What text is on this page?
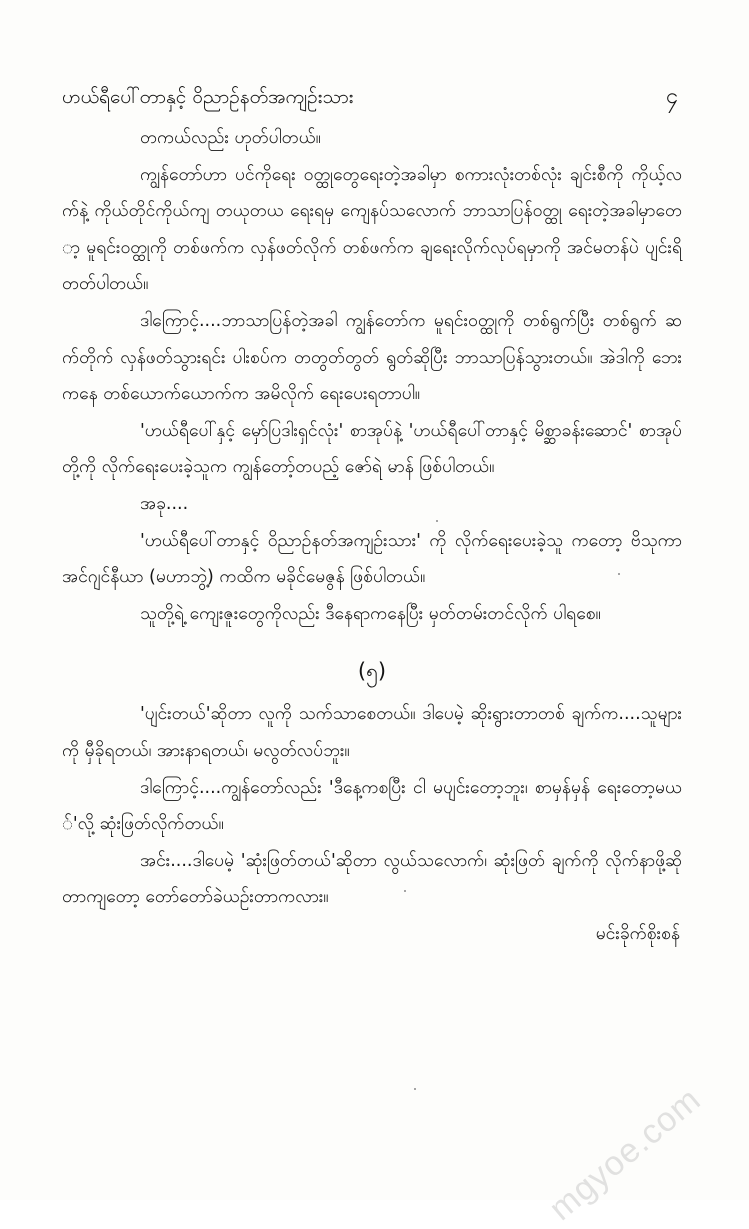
ဟယ်ရီပေါ်တာနှင့် ဝိညာဉ်နတ်အကျဉ်းသား	၄

တကယ်လည်း ဟုတ်ပါတယ်။

ကျွန်တော်ဟာ ပင်ကိုရေး ဝတ္ထုတွေရေးတဲ့အခါမှာ စကားလုံးတစ်လုံး ချင်းစီကို ကိုယ့်လက်နဲ့ ကိုယ်တိုင်ကိုယ်ကျ တယုတယ ရေးရမှ ကျေနပ်သလောက် ဘာသာပြန်ဝတ္ထု ရေးတဲ့အခါမှာတော့ မူရင်းဝတ္ထုကို တစ်ဖက်က လှန်ဖတ်လိုက် တစ်ဖက်က ချရေးလိုက်လုပ်ရမှာကို အင်မတန်ပဲ ပျင်းရိတတ်ပါတယ်။

ဒါကြောင့်....ဘာသာပြန်တဲ့အခါ ကျွန်တော်က မူရင်းဝတ္ထုကို တစ်ရွက်ပြီး တစ်ရွက် ဆက်တိုက် လှန်ဖတ်သွားရင်း ပါးစပ်က တတွတ်တွတ် ရွတ်ဆိုပြီး ဘာသာပြန်သွားတယ်။ အဲဒါကို ဘေးကနေ တစ်ယောက်ယောက်က အမိလိုက် ရေးပေးရတာပါ။

'ဟယ်ရီပေါ်နှင့် မှော်ပြဒါးရှင်လုံး' စာအုပ်နဲ့ 'ဟယ်ရီပေါ်တာနှင့် မိစ္ဆာခန်းဆောင်' စာအုပ်တို့ကို လိုက်ရေးပေးခဲ့သူက ကျွန်တော့်တပည့် ဇော်ရဲ မာန် ဖြစ်ပါတယ်။

အခု....

'ဟယ်ရီပေါ်တာနှင့် ဝိညာဉ်နတ်အကျဉ်းသား' ကို လိုက်ရေးပေးခဲ့သူ ကတော့ ဗိသုကာ အင်ဂျင်နီယာ (မဟာဘွဲ့) ကထိက မခိုင်မေဇွန် ဖြစ်ပါတယ်။

သူတို့ရဲ့ ကျေးဇူးတွေကိုလည်း ဒီနေရာကနေပြီး မှတ်တမ်းတင်လိုက် ပါရစေ။

(၅)

'ပျင်းတယ်'ဆိုတာ လူကို သက်သာစေတယ်။ ဒါပေမဲ့ ဆိုးရွားတာတစ် ချက်က....သူများကို မှီခိုရတယ်၊ အားနာရတယ်၊ မလွတ်လပ်ဘူး။

ဒါကြောင့်....ကျွန်တော်လည်း 'ဒီနေ့ကစပြီး ငါ မပျင်းတော့ဘူး၊ စာမှန်မှန် ရေးတော့မယ်'လို့ ဆုံးဖြတ်လိုက်တယ်။

အင်း....ဒါပေမဲ့ 'ဆုံးဖြတ်တယ်'ဆိုတာ လွယ်သလောက်၊ ဆုံးဖြတ် ချက်ကို လိုက်နာဖို့ဆိုတာကျတော့ တော်တော်ခဲယဉ်းတာကလား။

မင်းခိုက်စိုးစန်

mgyoe.com
